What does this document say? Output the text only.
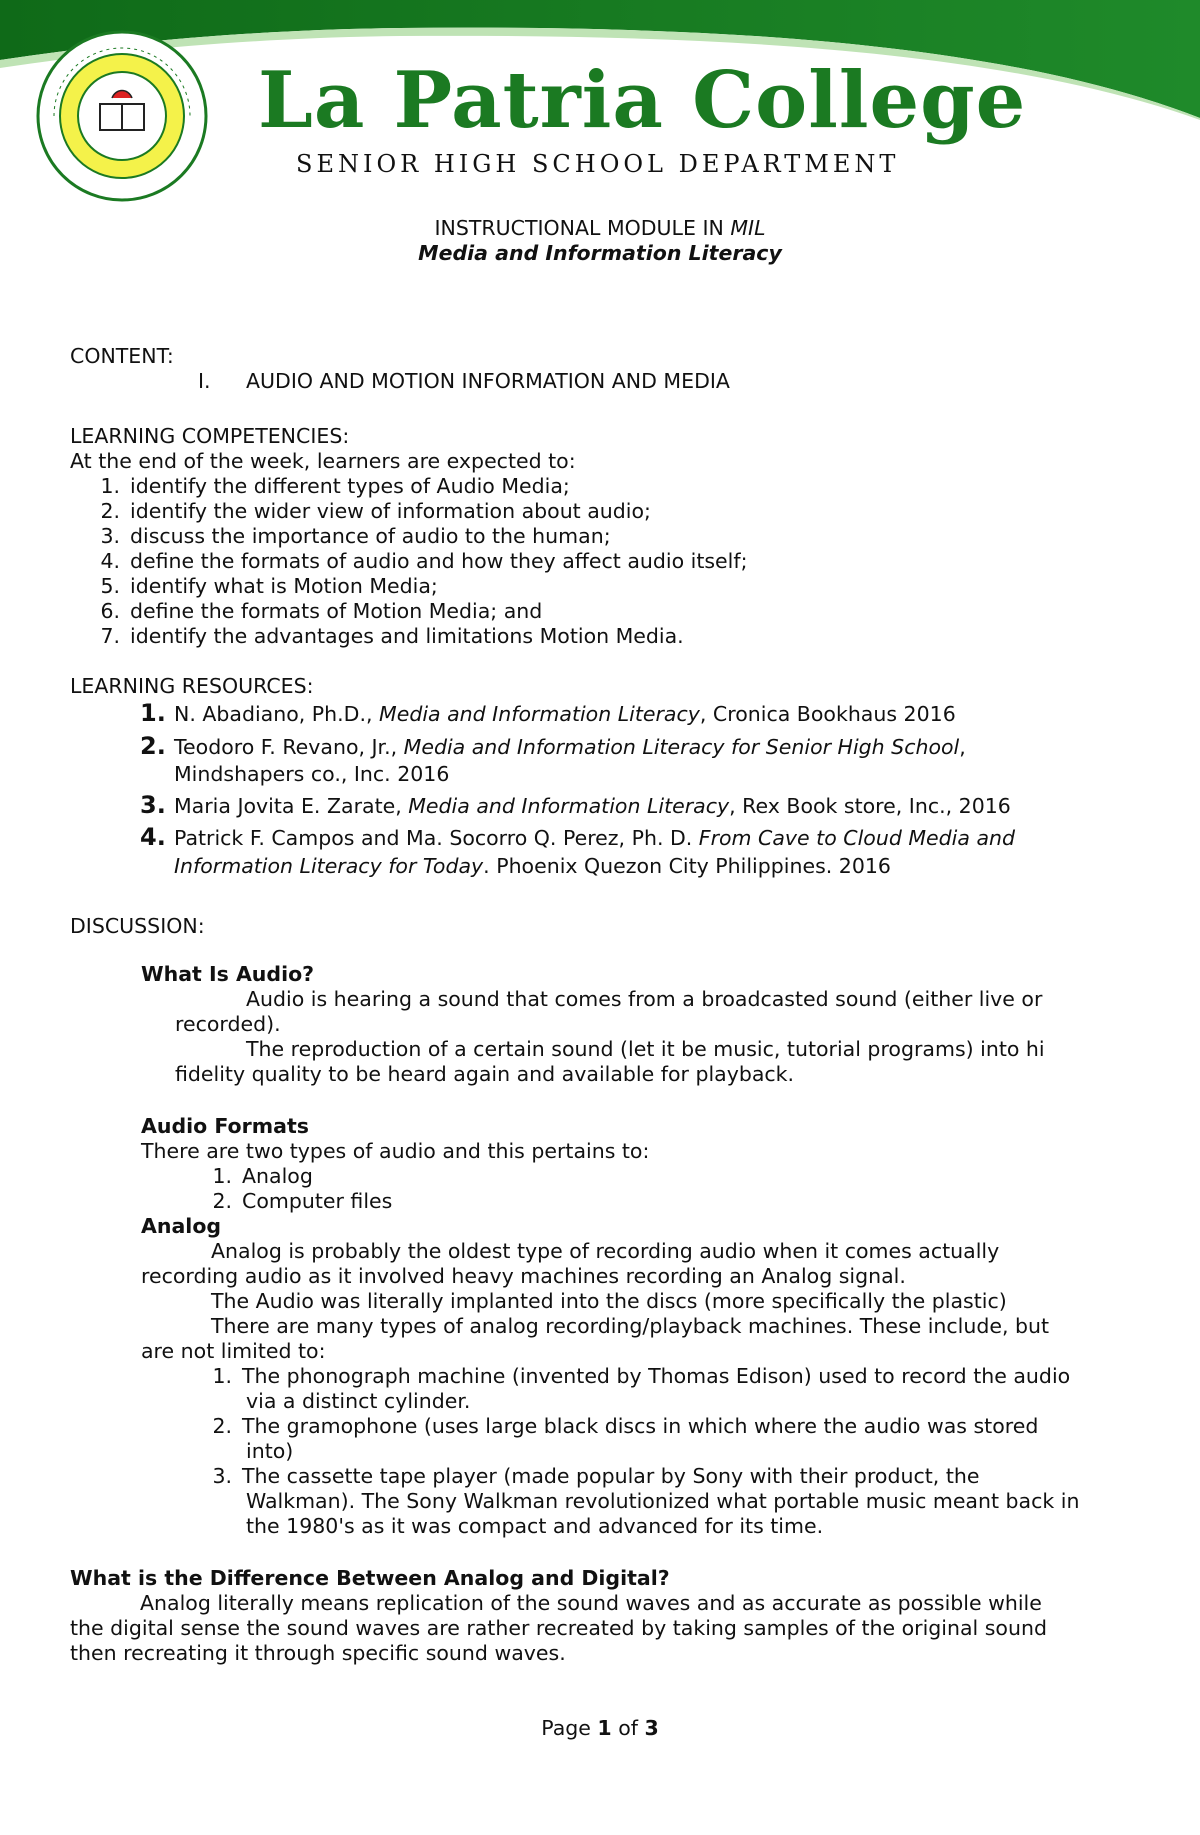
La Patria College
SENIOR HIGH SCHOOL DEPARTMENT
INSTRUCTIONAL MODULE IN MIL
Media and Information Literacy
CONTENT:
I. AUDIO AND MOTION INFORMATION AND MEDIA
LEARNING COMPETENCIES:
At the end of the week, learners are expected to:
1. identify the different types of Audio Media;
2. identify the wider view of information about audio;
3. discuss the importance of audio to the human;
4. define the formats of audio and how they affect audio itself;
5. identify what is Motion Media;
6. define the formats of Motion Media; and
7. identify the advantages and limitations Motion Media.
LEARNING RESOURCES:
1. N. Abadiano, Ph.D., Media and Information Literacy, Cronica Bookhaus 2016
2. Teodoro F. Revano, Jr., Media and Information Literacy for Senior High School,
Mindshapers co., Inc. 2016
3. Maria Jovita E. Zarate, Media and Information Literacy, Rex Book store, Inc., 2016
4. Patrick F. Campos and Ma. Socorro Q. Perez, Ph. D. From Cave to Cloud Media and
Information Literacy for Today. Phoenix Quezon City Philippines. 2016
DISCUSSION:
What Is Audio?
Audio is hearing a sound that comes from a broadcasted sound (either live or
recorded).
The reproduction of a certain sound (let it be music, tutorial programs) into hi
fidelity quality to be heard again and available for playback.
Audio Formats
There are two types of audio and this pertains to:
1. Analog
2. Computer files
Analog
Analog is probably the oldest type of recording audio when it comes actually
recording audio as it involved heavy machines recording an Analog signal.
The Audio was literally implanted into the discs (more specifically the plastic)
There are many types of analog recording/playback machines. These include, but
are not limited to:
1. The phonograph machine (invented by Thomas Edison) used to record the audio
via a distinct cylinder.
2. The gramophone (uses large black discs in which where the audio was stored
into)
3. The cassette tape player (made popular by Sony with their product, the
Walkman). The Sony Walkman revolutionized what portable music meant back in
the 1980's as it was compact and advanced for its time.
What is the Difference Between Analog and Digital?
Analog literally means replication of the sound waves and as accurate as possible while
the digital sense the sound waves are rather recreated by taking samples of the original sound
then recreating it through specific sound waves.
Page 1 of 3
